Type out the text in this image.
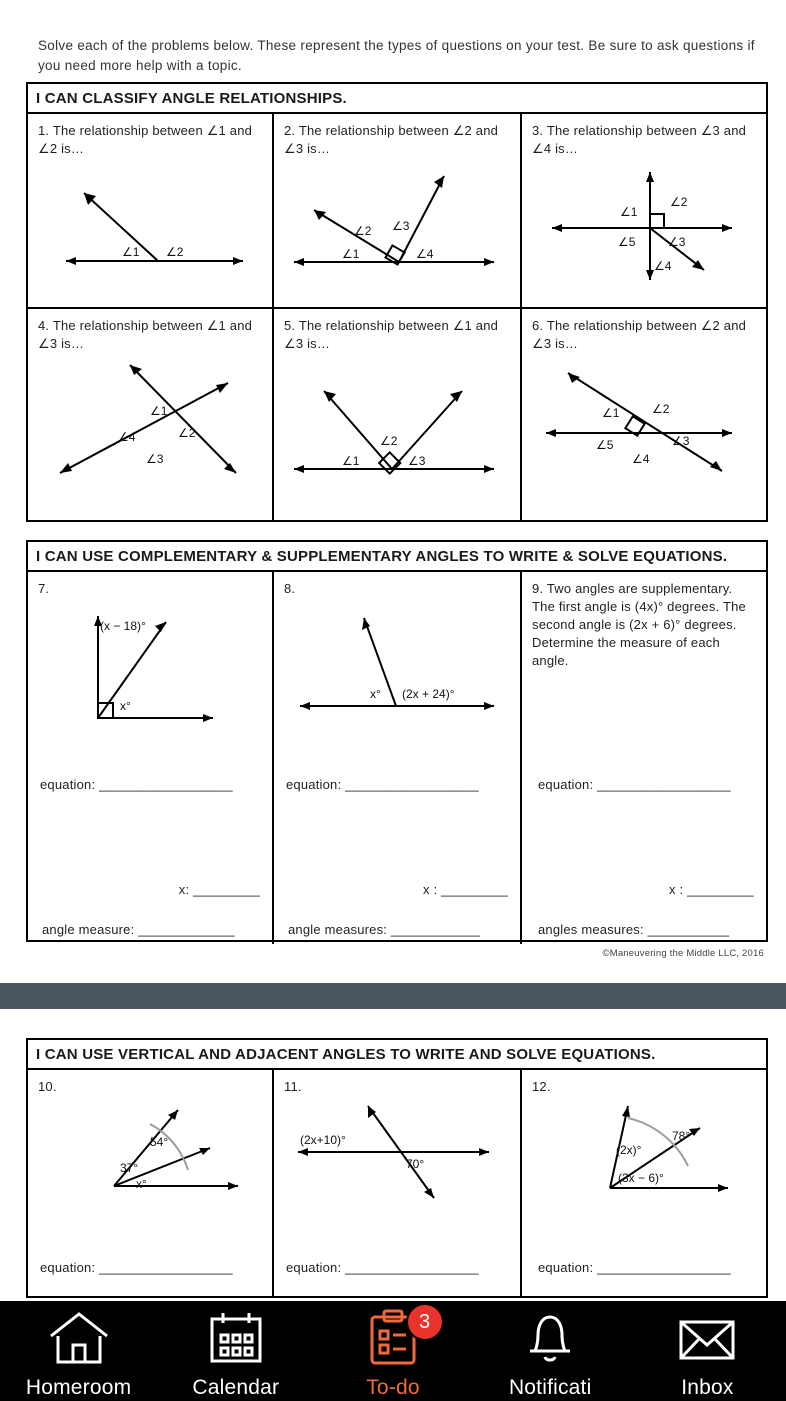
Solve each of the problems below. These represent the types of questions on your test. Be sure to ask questions if you need more help with a topic.
I CAN CLASSIFY ANGLE RELATIONSHIPS.
1. The relationship between ∠1 and ∠2 is…
∠1 ∠2
2. The relationship between ∠2 and ∠3 is…
∠2 ∠3
∠1	∠4
3. The relationship between ∠3 and ∠4 is…
∠1
∠2
∠5	∠3
∠4
4. The relationship between ∠1 and ∠3 is…
∠1
∠2
∠4
∠3
5. The relationship between ∠1 and ∠3 is…
∠2
∠1	∠3
6. The relationship between ∠2 and ∠3 is…
∠1	∠2
∠5	∠3
∠4
I CAN USE COMPLEMENTARY & SUPPLEMENTARY ANGLES TO WRITE & SOLVE EQUATIONS.
7.
(x − 18)°
x°
equation: __________________
x: _________
angle measure: _____________
8.
x° (2x + 24)°
equation: __________________
x : _________
angle measures: ____________
9. Two angles are supplementary. The first angle is (4x)° degrees. The second angle is (2x + 6)° degrees. Determine the measure of each angle.
equation: __________________
x : _________
angles measures: ___________
©Maneuvering the Middle LLC, 2016
I CAN USE VERTICAL AND ADJACENT ANGLES TO WRITE AND SOLVE EQUATIONS.
10.
54°
37°
x°
equation: __________________
11.
(2x+10)°
70°
equation: __________________
12.
(2x)°
78°
(3x − 6)°
equation: __________________
Homeroom	Calendar
3
To-do	Notificati	Inbox
